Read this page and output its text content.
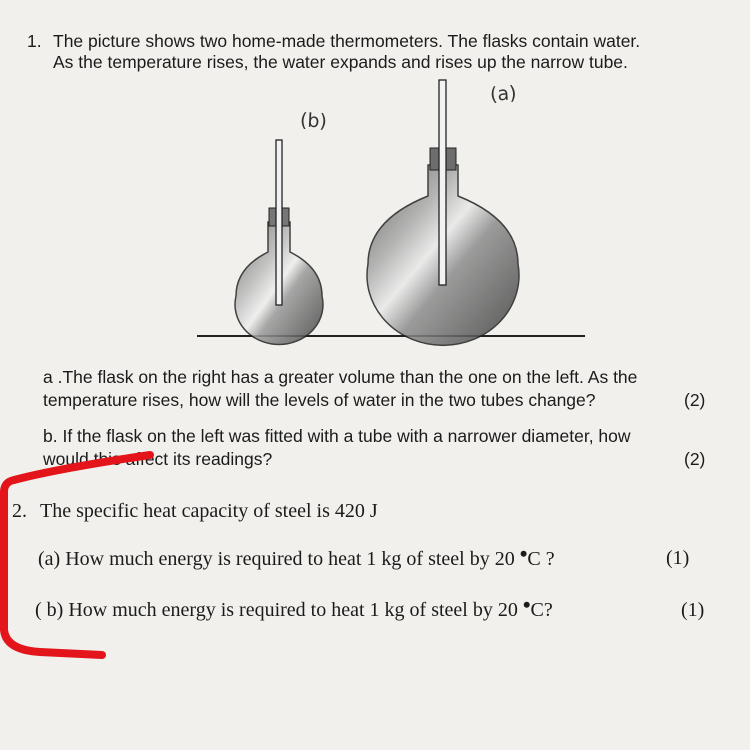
1. The picture shows two home-made thermometers. The flasks contain water.
As the temperature rises, the water expands and rises up the narrow tube.
(b)
(a)
a .The flask on the right has a greater volume than the one on the left. As the
temperature rises, how will the levels of water in the two tubes change?	(2)
b. If the flask on the left was fitted with a tube with a narrower diameter, how
would this affect its readings?	(2)
2. The specific heat capacity of steel is 420 J
(a) How much energy is required to heat 1 kg of steel by 20 •C ?	(1)
( b) How much energy is required to heat 1 kg of steel by 20 •C?	(1)
